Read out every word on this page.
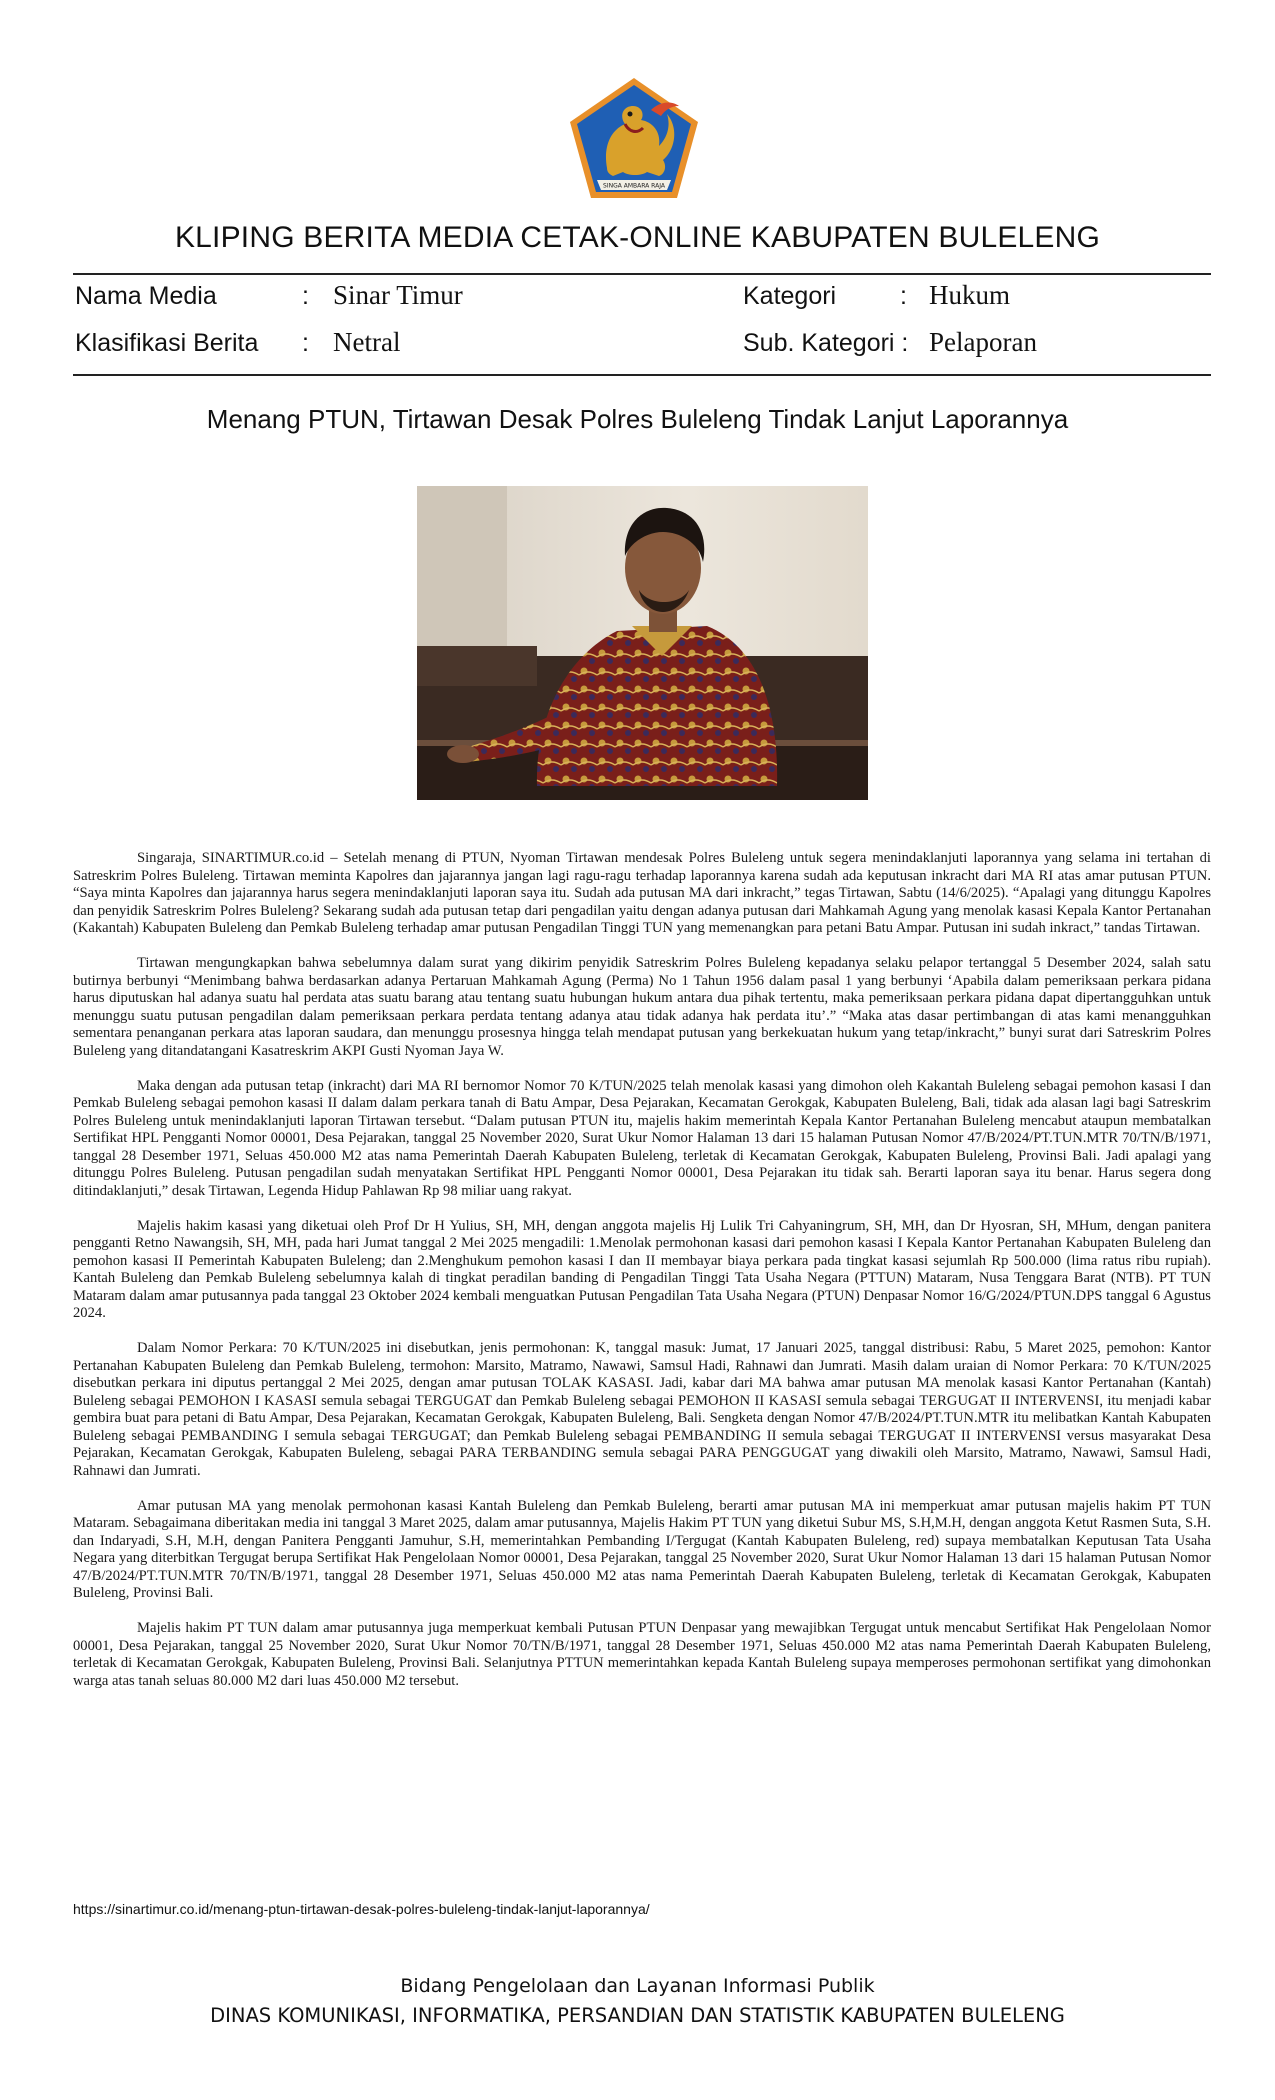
SINGA AMBARA RAJA
KLIPING BERITA MEDIA CETAK-ONLINE KABUPATEN BULELENG
Nama Media	: Sinar Timur	Kategori	: Hukum
Klasifikasi Berita : Netral	Sub. Kategori : Pelaporan
Menang PTUN, Tirtawan Desak Polres Buleleng Tindak Lanjut Laporannya

Singaraja, SINARTIMUR.co.id – Setelah menang di PTUN, Nyoman Tirtawan mendesak Polres Buleleng untuk segera menindaklanjuti laporannya yang selama ini tertahan di Satreskrim Polres Buleleng. Tirtawan meminta Kapolres dan jajarannya jangan lagi ragu-ragu terhadap laporannya karena sudah ada keputusan inkracht dari MA RI atas amar putusan PTUN. “Saya minta Kapolres dan jajarannya harus segera menindaklanjuti laporan saya itu. Sudah ada putusan MA dari inkracht,” tegas Tirtawan, Sabtu (14/6/2025). “Apalagi yang ditunggu Kapolres dan penyidik Satreskrim Polres Buleleng? Sekarang sudah ada putusan tetap dari pengadilan yaitu dengan adanya putusan dari Mahkamah Agung yang menolak kasasi Kepala Kantor Pertanahan (Kakantah) Kabupaten Buleleng dan Pemkab Buleleng terhadap amar putusan Pengadilan Tinggi TUN yang memenangkan para petani Batu Ampar. Putusan ini sudah inkract,” tandas Tirtawan.

Tirtawan mengungkapkan bahwa sebelumnya dalam surat yang dikirim penyidik Satreskrim Polres Buleleng kepadanya selaku pelapor tertanggal 5 Desember 2024, salah satu butirnya berbunyi “Menimbang bahwa berdasarkan adanya Pertaruan Mahkamah Agung (Perma) No 1 Tahun 1956 dalam pasal 1 yang berbunyi ‘Apabila dalam pemeriksaan perkara pidana harus diputuskan hal adanya suatu hal perdata atas suatu barang atau tentang suatu hubungan hukum antara dua pihak tertentu, maka pemeriksaan perkara pidana dapat dipertangguhkan untuk menunggu suatu putusan pengadilan dalam pemeriksaan perkara perdata tentang adanya atau tidak adanya hak perdata itu’.” “Maka atas dasar pertimbangan di atas kami menangguhkan sementara penanganan perkara atas laporan saudara, dan menunggu prosesnya hingga telah mendapat putusan yang berkekuatan hukum yang tetap/inkracht,” bunyi surat dari Satreskrim Polres Buleleng yang ditandatangani Kasatreskrim AKPI Gusti Nyoman Jaya W.

Maka dengan ada putusan tetap (inkracht) dari MA RI bernomor Nomor 70 K/TUN/2025 telah menolak kasasi yang dimohon oleh Kakantah Buleleng sebagai pemohon kasasi I dan Pemkab Buleleng sebagai pemohon kasasi II dalam dalam perkara tanah di Batu Ampar, Desa Pejarakan, Kecamatan Gerokgak, Kabupaten Buleleng, Bali, tidak ada alasan lagi bagi Satreskrim Polres Buleleng untuk menindaklanjuti laporan Tirtawan tersebut. “Dalam putusan PTUN itu, majelis hakim memerintah Kepala Kantor Pertanahan Buleleng mencabut ataupun membatalkan Sertifikat HPL Pengganti Nomor 00001, Desa Pejarakan, tanggal 25 November 2020, Surat Ukur Nomor Halaman 13 dari 15 halaman Putusan Nomor 47/B/2024/PT.TUN.MTR 70/TN/B/1971, tanggal 28 Desember 1971, Seluas 450.000 M2 atas nama Pemerintah Daerah Kabupaten Buleleng, terletak di Kecamatan Gerokgak, Kabupaten Buleleng, Provinsi Bali. Jadi apalagi yang ditunggu Polres Buleleng. Putusan pengadilan sudah menyatakan Sertifikat HPL Pengganti Nomor 00001, Desa Pejarakan itu tidak sah. Berarti laporan saya itu benar. Harus segera dong ditindaklanjuti,” desak Tirtawan, Legenda Hidup Pahlawan Rp 98 miliar uang rakyat.

Majelis hakim kasasi yang diketuai oleh Prof Dr H Yulius, SH, MH, dengan anggota majelis Hj Lulik Tri Cahyaningrum, SH, MH, dan Dr Hyosran, SH, MHum, dengan panitera pengganti Retno Nawangsih, SH, MH, pada hari Jumat tanggal 2 Mei 2025 mengadili: 1.Menolak permohonan kasasi dari pemohon kasasi I Kepala Kantor Pertanahan Kabupaten Buleleng dan pemohon kasasi II Pemerintah Kabupaten Buleleng; dan 2.Menghukum pemohon kasasi I dan II membayar biaya perkara pada tingkat kasasi sejumlah Rp 500.000 (lima ratus ribu rupiah). Kantah Buleleng dan Pemkab Buleleng sebelumnya kalah di tingkat peradilan banding di Pengadilan Tinggi Tata Usaha Negara (PTTUN) Mataram, Nusa Tenggara Barat (NTB). PT TUN Mataram dalam amar putusannya pada tanggal 23 Oktober 2024 kembali menguatkan Putusan Pengadilan Tata Usaha Negara (PTUN) Denpasar Nomor 16/G/2024/PTUN.DPS tanggal 6 Agustus 2024.

Dalam Nomor Perkara: 70 K/TUN/2025 ini disebutkan, jenis permohonan: K, tanggal masuk: Jumat, 17 Januari 2025, tanggal distribusi: Rabu, 5 Maret 2025, pemohon: Kantor Pertanahan Kabupaten Buleleng dan Pemkab Buleleng, termohon: Marsito, Matramo, Nawawi, Samsul Hadi, Rahnawi dan Jumrati. Masih dalam uraian di Nomor Perkara: 70 K/TUN/2025 disebutkan perkara ini diputus pertanggal 2 Mei 2025, dengan amar putusan TOLAK KASASI. Jadi, kabar dari MA bahwa amar putusan MA menolak kasasi Kantor Pertanahan (Kantah) Buleleng sebagai PEMOHON I KASASI semula sebagai TERGUGAT dan Pemkab Buleleng sebagai PEMOHON II KASASI semula sebagai TERGUGAT II INTERVENSI, itu menjadi kabar gembira buat para petani di Batu Ampar, Desa Pejarakan, Kecamatan Gerokgak, Kabupaten Buleleng, Bali. Sengketa dengan Nomor 47/B/2024/PT.TUN.MTR itu melibatkan Kantah Kabupaten Buleleng sebagai PEMBANDING I semula sebagai TERGUGAT; dan Pemkab Buleleng sebagai PEMBANDING II semula sebagai TERGUGAT II INTERVENSI versus masyarakat Desa Pejarakan, Kecamatan Gerokgak, Kabupaten Buleleng, sebagai PARA TERBANDING semula sebagai PARA PENGGUGAT yang diwakili oleh Marsito, Matramo, Nawawi, Samsul Hadi, Rahnawi dan Jumrati.

Amar putusan MA yang menolak permohonan kasasi Kantah Buleleng dan Pemkab Buleleng, berarti amar putusan MA ini memperkuat amar putusan majelis hakim PT TUN Mataram. Sebagaimana diberitakan media ini tanggal 3 Maret 2025, dalam amar putusannya, Majelis Hakim PT TUN yang diketui Subur MS, S.H,M.H, dengan anggota Ketut Rasmen Suta, S.H. dan Indaryadi, S.H, M.H, dengan Panitera Pengganti Jamuhur, S.H, memerintahkan Pembanding I/Tergugat (Kantah Kabupaten Buleleng, red) supaya membatalkan Keputusan Tata Usaha Negara yang diterbitkan Tergugat berupa Sertifikat Hak Pengelolaan Nomor 00001, Desa Pejarakan, tanggal 25 November 2020, Surat Ukur Nomor Halaman 13 dari 15 halaman Putusan Nomor 47/B/2024/PT.TUN.MTR 70/TN/B/1971, tanggal 28 Desember 1971, Seluas 450.000 M2 atas nama Pemerintah Daerah Kabupaten Buleleng, terletak di Kecamatan Gerokgak, Kabupaten Buleleng, Provinsi Bali.

Majelis hakim PT TUN dalam amar putusannya juga memperkuat kembali Putusan PTUN Denpasar yang mewajibkan Tergugat untuk mencabut Sertifikat Hak Pengelolaan Nomor 00001, Desa Pejarakan, tanggal 25 November 2020, Surat Ukur Nomor 70/TN/B/1971, tanggal 28 Desember 1971, Seluas 450.000 M2 atas nama Pemerintah Daerah Kabupaten Buleleng, terletak di Kecamatan Gerokgak, Kabupaten Buleleng, Provinsi Bali. Selanjutnya PTTUN memerintahkan kepada Kantah Buleleng supaya memperoses permohonan sertifikat yang dimohonkan warga atas tanah seluas 80.000 M2 dari luas 450.000 M2 tersebut.

https://sinartimur.co.id/menang-ptun-tirtawan-desak-polres-buleleng-tindak-lanjut-laporannya/
Bidang Pengelolaan dan Layanan Informasi Publik
DINAS KOMUNIKASI, INFORMATIKA, PERSANDIAN DAN STATISTIK KABUPATEN BULELENG
